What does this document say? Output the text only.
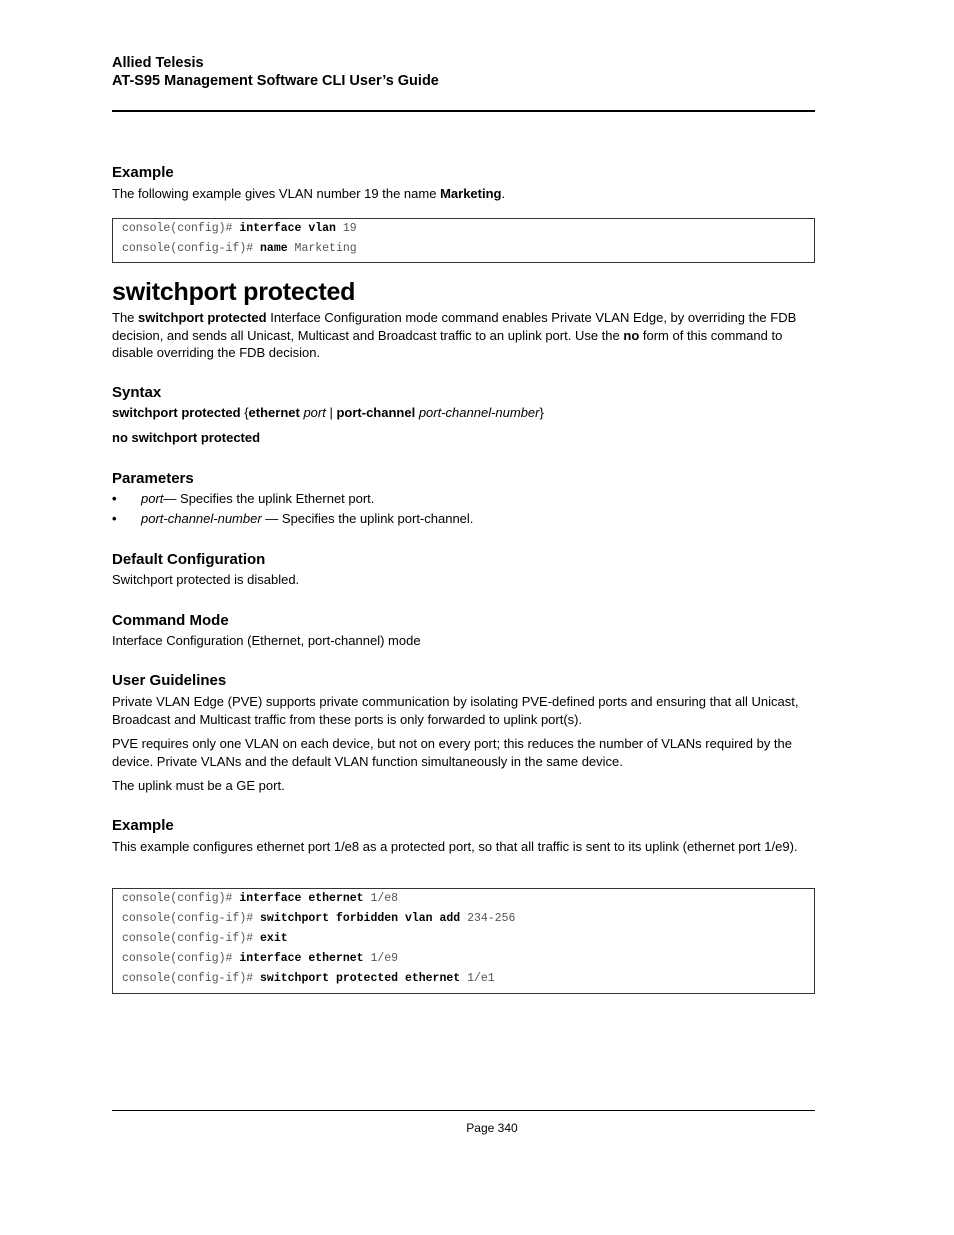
Allied Telesis
AT-S95 Management Software CLI User’s Guide
Example

The following example gives VLAN number 19 the name Marketing.

console(config)# interface vlan 19
console(config-if)# name Marketing
switchport protected

The switchport protected Interface Configuration mode command enables Private VLAN Edge, by overriding the FDB decision, and sends all Unicast, Multicast and Broadcast traffic to an uplink port. Use the no form of this command to disable overriding the FDB decision.

Syntax

switchport protected {ethernet port | port-channel port-channel-number}

no switchport protected

Parameters
• port— Specifies the uplink Ethernet port.
• port-channel-number — Specifies the uplink port-channel.
Default Configuration

Switchport protected is disabled.

Command Mode

Interface Configuration (Ethernet, port-channel) mode

User Guidelines

Private VLAN Edge (PVE) supports private communication by isolating PVE-defined ports and ensuring that all Unicast, Broadcast and Multicast traffic from these ports is only forwarded to uplink port(s).

PVE requires only one VLAN on each device, but not on every port; this reduces the number of VLANs required by the device. Private VLANs and the default VLAN function simultaneously in the same device.

The uplink must be a GE port.

Example

This example configures ethernet port 1/e8 as a protected port, so that all traffic is sent to its uplink (ethernet port 1/e9).

console(config)# interface ethernet 1/e8
console(config-if)# switchport forbidden vlan add 234-256
console(config-if)# exit
console(config)# interface ethernet 1/e9
console(config-if)# switchport protected ethernet 1/e1
Page 340
